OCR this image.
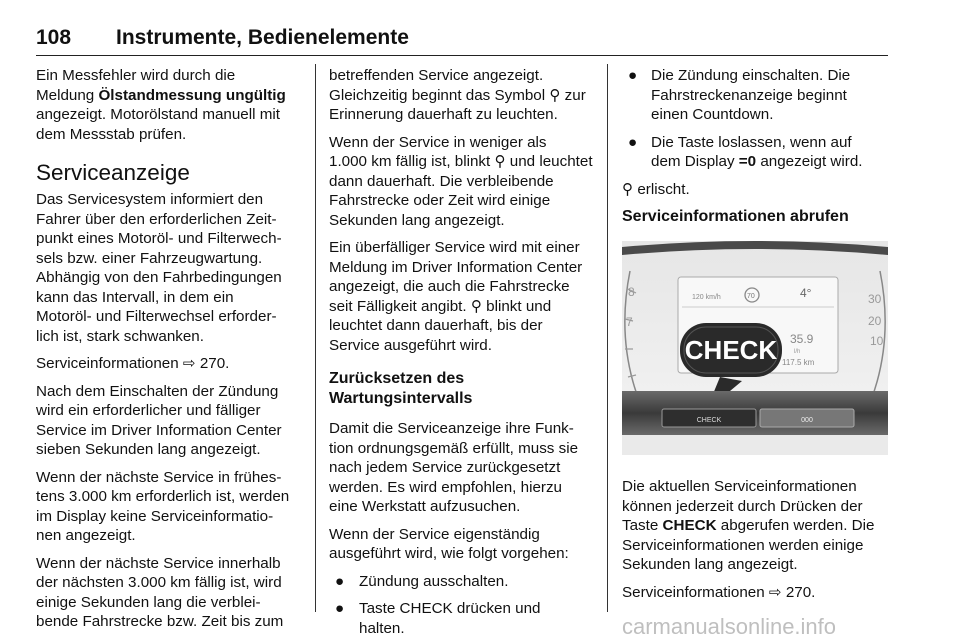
108 Instrumente, Bedienelemente

Ein Messfehler wird durch die
Meldung Ölstandmessung ungültig
angezeigt. Motorölstand manuell mit
dem Messstab prüfen.

Serviceanzeige

Das Servicesystem informiert den
Fahrer über den erforderlichen Zeit-
punkt eines Motoröl- und Filterwech-
sels bzw. einer Fahrzeugwartung.
Abhängig von den Fahrbedingungen
kann das Intervall, in dem ein
Motoröl- und Filterwechsel erforder-
lich ist, stark schwanken.

Serviceinformationen ⇨ 270.

Nach dem Einschalten der Zündung
wird ein erforderlicher und fälliger
Service im Driver Information Center
sieben Sekunden lang angezeigt.

Wenn der nächste Service in frühes-
tens 3.000 km erforderlich ist, werden
im Display keine Serviceinformatio-
nen angezeigt.

Wenn der nächste Service innerhalb
der nächsten 3.000 km fällig ist, wird
einige Sekunden lang die verblei-
bende Fahrstrecke bzw. Zeit bis zum

betreffenden Service angezeigt.
Gleichzeitig beginnt das Symbol ⚲ zur
Erinnerung dauerhaft zu leuchten.

Wenn der Service in weniger als
1.000 km fällig ist, blinkt ⚲ und leuchtet
dann dauerhaft. Die verbleibende
Fahrstrecke oder Zeit wird einige
Sekunden lang angezeigt.

Ein überfälliger Service wird mit einer
Meldung im Driver Information Center
angezeigt, die auch die Fahrstrecke
seit Fälligkeit angibt. ⚲ blinkt und
leuchtet dann dauerhaft, bis der
Service ausgeführt wird.

Zurücksetzen des
Wartungsintervalls

Damit die Serviceanzeige ihre Funk-
tion ordnungsgemäß erfüllt, muss sie
nach jedem Service zurückgesetzt
werden. Es wird empfohlen, hierzu
eine Werkstatt aufzusuchen.

Wenn der Service eigenständig
ausgeführt wird, wie folgt vorgehen:

● Zündung ausschalten.
● Taste CHECK drücken und
halten.
● Die Zündung einschalten. Die
Fahrstreckenanzeige beginnt
einen Countdown.
● Die Taste loslassen, wenn auf
dem Display =0 angezeigt wird.

⚲ erlischt.

Serviceinformationen abrufen
8
7
30
20
10
120 km/h	70	4°
35.9
l/h
117.5 km
CHECK
CHECK	000

Die aktuellen Serviceinformationen
können jederzeit durch Drücken der
Taste CHECK abgerufen werden. Die
Serviceinformationen werden einige
Sekunden lang angezeigt.

Serviceinformationen ⇨ 270.

carmanualsonline.info
